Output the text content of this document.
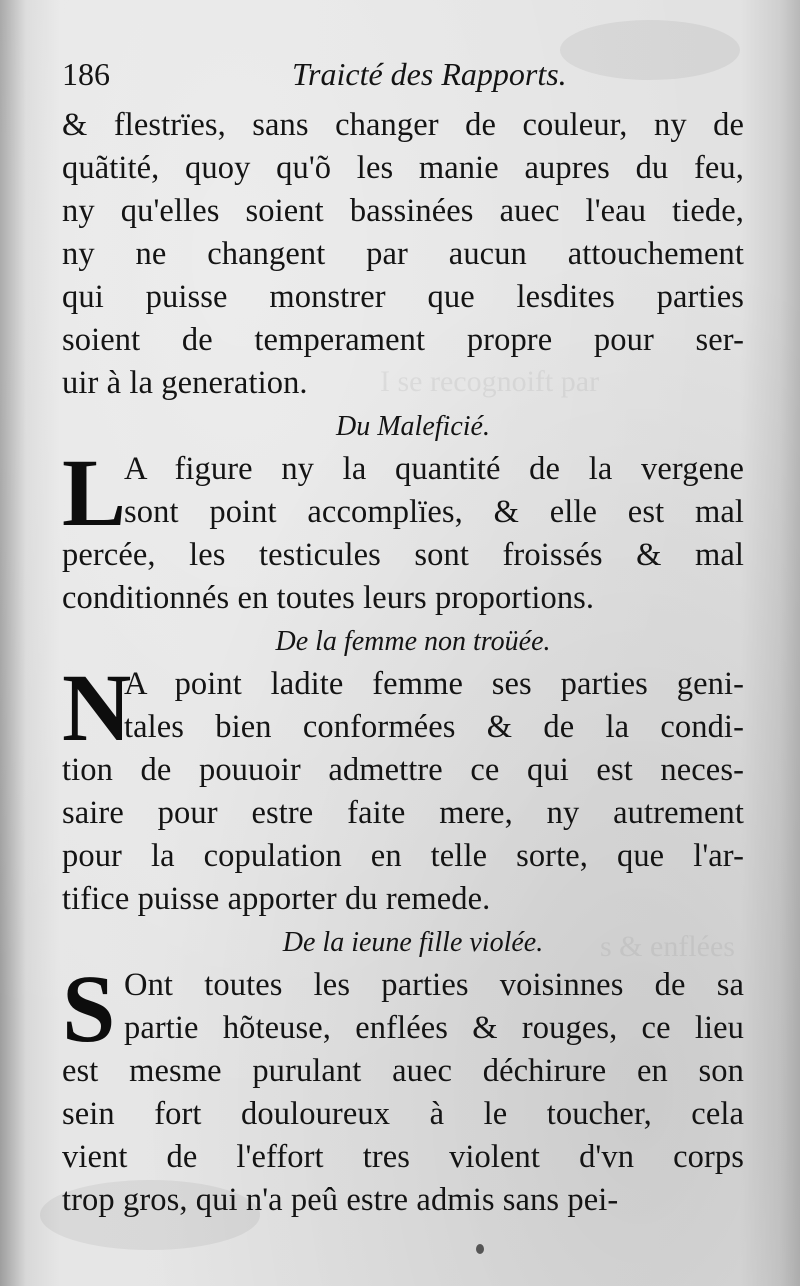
I se recognoift par
s & enflées
186	Traicté des Rapports.
& flestrïes, sans changer de couleur, ny de
quãtité, quoy qu'õ les manie aupres du feu,
ny qu'elles soient bassinées auec l'eau tiede,
ny ne changent par aucun attouchement
qui puisse monstrer que lesdites parties
soient de temperament propre pour ser-
uir à la generation.
Du Maleficié.
L
A figure ny la quantité de la vergene
sont point accomplïes, & elle est mal
percée, les testicules sont froissés & mal
conditionnés en toutes leurs proportions.
De la femme non troüée.
N
A point ladite femme ses parties geni-
tales bien conformées & de la condi-
tion de pouuoir admettre ce qui est neces-
saire pour estre faite mere, ny autrement
pour la copulation en telle sorte, que l'ar-
tifice puisse apporter du remede.
De la ieune fille violée.
S Ont toutes les parties voisinnes de sa
partie hõteuse, enflées & rouges, ce lieu
est mesme purulant auec déchirure en son
sein fort douloureux à le toucher, cela
vient de l'effort tres violent d'vn corps
trop gros, qui n'a peû estre admis sans pei-
